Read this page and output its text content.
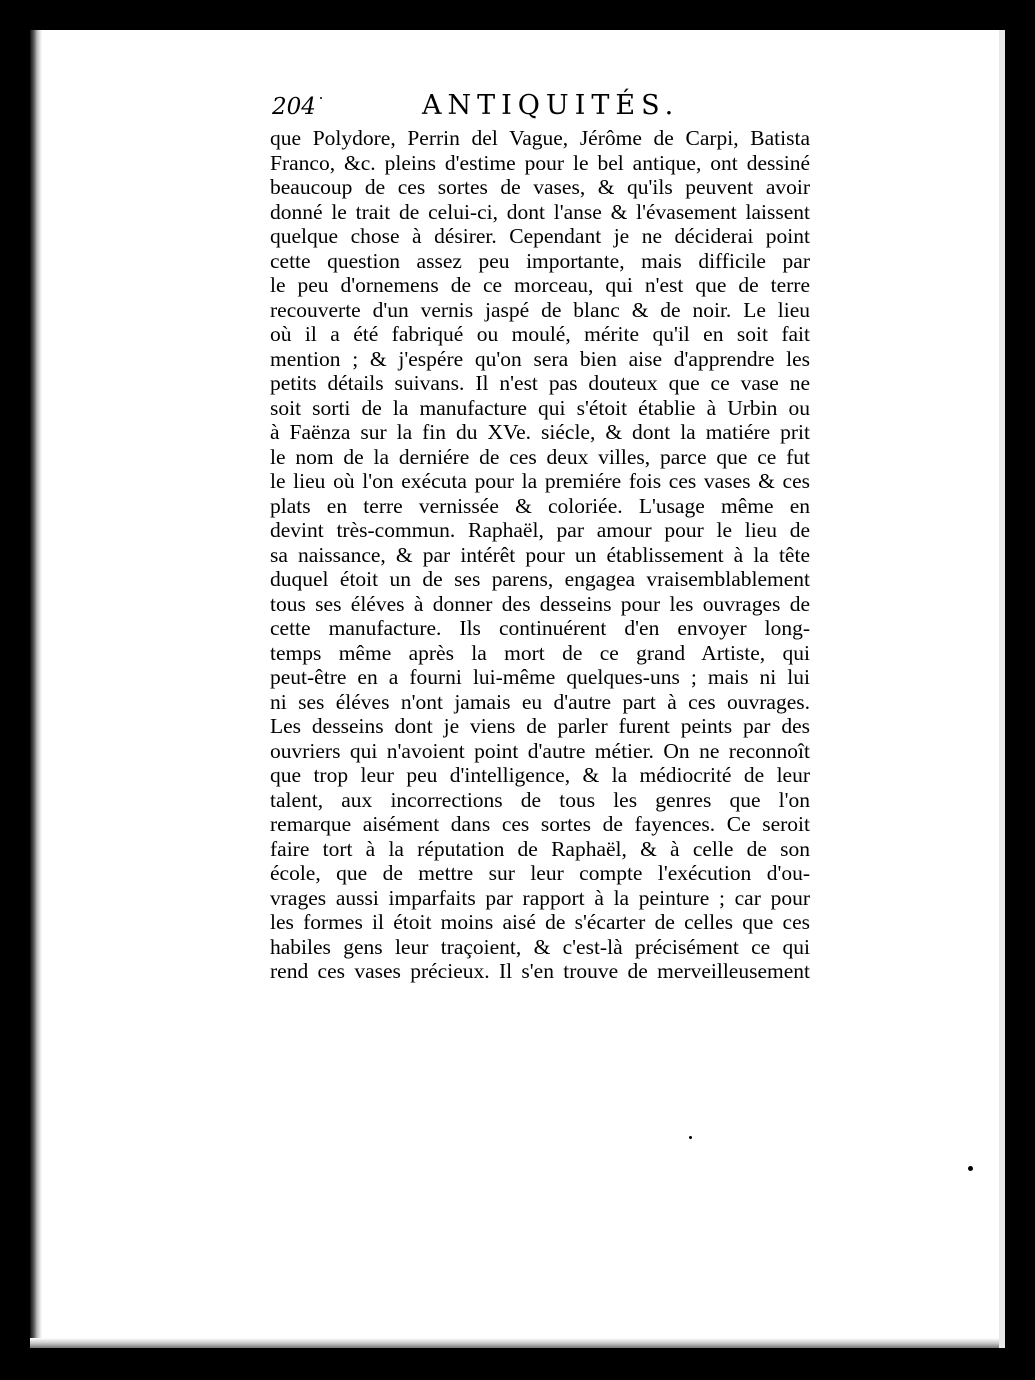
204	ANTIQUITÉS.
que Polydore, Perrin del Vague, Jérôme de Carpi, Batista
Franco, &c. pleins d'estime pour le bel antique, ont dessiné
beaucoup de ces sortes de vases, & qu'ils peuvent avoir
donné le trait de celui-ci, dont l'anse & l'évasement laissent
quelque chose à désirer. Cependant je ne déciderai point
cette question assez peu importante, mais difficile par
le peu d'ornemens de ce morceau, qui n'est que de terre
recouverte d'un vernis jaspé de blanc & de noir. Le lieu
où il a été fabriqué ou moulé, mérite qu'il en soit fait
mention ; & j'espére qu'on sera bien aise d'apprendre les
petits détails suivans. Il n'est pas douteux que ce vase ne
soit sorti de la manufacture qui s'étoit établie à Urbin ou
à Faënza sur la fin du XVe. siécle, & dont la matiére prit
le nom de la derniére de ces deux villes, parce que ce fut
le lieu où l'on exécuta pour la premiére fois ces vases & ces
plats en terre vernissée & coloriée. L'usage même en
devint très-commun. Raphaël, par amour pour le lieu de
sa naissance, & par intérêt pour un établissement à la tête
duquel étoit un de ses parens, engagea vraisemblablement
tous ses éléves à donner des desseins pour les ouvrages de
cette manufacture. Ils continuérent d'en envoyer long-
temps même après la mort de ce grand Artiste, qui
peut-être en a fourni lui-même quelques-uns ; mais ni lui
ni ses éléves n'ont jamais eu d'autre part à ces ouvrages.
Les desseins dont je viens de parler furent peints par des
ouvriers qui n'avoient point d'autre métier. On ne reconnoît
que trop leur peu d'intelligence, & la médiocrité de leur
talent, aux incorrections de tous les genres que l'on
remarque aisément dans ces sortes de fayences. Ce seroit
faire tort à la réputation de Raphaël, & à celle de son
école, que de mettre sur leur compte l'exécution d'ou-
vrages aussi imparfaits par rapport à la peinture ; car pour
les formes il étoit moins aisé de s'écarter de celles que ces
habiles gens leur traçoient, & c'est-là précisément ce qui
rend ces vases précieux. Il s'en trouve de merveilleusement
